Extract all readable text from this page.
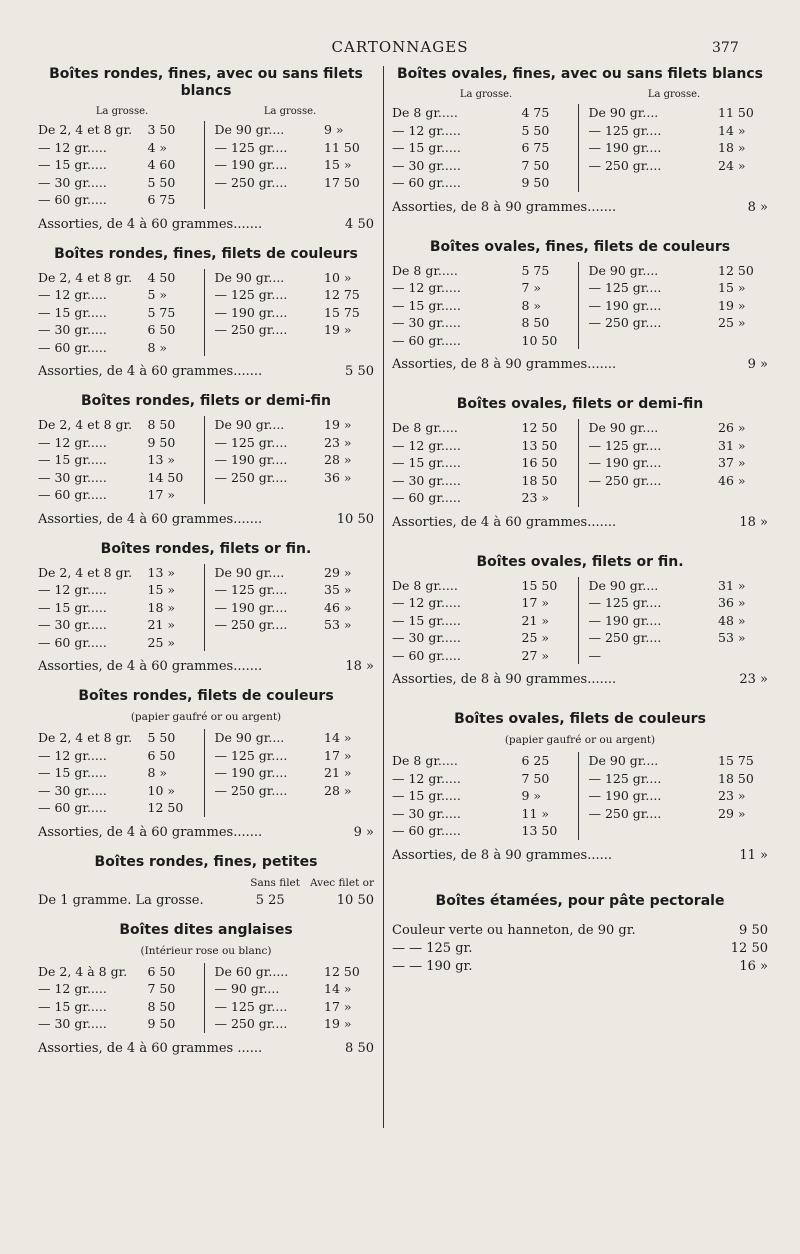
CARTONNAGES	377
Boîtes rondes, fines, avec ou sans filets blancs
La grosse.	La grosse.
De 2, 4 et 8 gr. 3 50
— 12 gr.....	4 »
— 15 gr.....	4 60
— 30 gr.....	5 50
— 60 gr.....	6 75
De 90 gr....	9 »
— 125 gr....	11 50
— 190 gr....	15 »
— 250 gr....	17 50
Assorties, de 4 à 60 grammes.......	4 50
Boîtes rondes, fines, filets de couleurs
De 2, 4 et 8 gr. 4 50
— 12 gr.....	5 »
— 15 gr.....	5 75
— 30 gr.....	6 50
— 60 gr.....	8 »
De 90 gr....	10 »
— 125 gr....	12 75
— 190 gr....	15 75
— 250 gr....	19 »
Assorties, de 4 à 60 grammes.......	5 50
Boîtes rondes, filets or demi-fin
De 2, 4 et 8 gr. 8 50
— 12 gr.....	9 50
— 15 gr.....	13 »
— 30 gr.....	14 50
— 60 gr.....	17 »
De 90 gr....	19 »
— 125 gr....	23 »
— 190 gr....	28 »
— 250 gr....	36 »
Assorties, de 4 à 60 grammes.......	10 50
Boîtes rondes, filets or fin.
De 2, 4 et 8 gr. 13 »
— 12 gr.....	15 »
— 15 gr.....	18 »
— 30 gr.....	21 »
— 60 gr.....	25 »
De 90 gr....	29 »
— 125 gr....	35 »
— 190 gr....	46 »
— 250 gr....	53 »
Assorties, de 4 à 60 grammes.......	18 »
Boîtes rondes, filets de couleurs
(papier gaufré or ou argent)
De 2, 4 et 8 gr. 5 50
— 12 gr.....	6 50
— 15 gr.....	8 »
— 30 gr.....	10 »
— 60 gr.....	12 50
De 90 gr....	14 »
— 125 gr....	17 »
— 190 gr....	21 »
— 250 gr....	28 »
Assorties, de 4 à 60 grammes.......	9 »
Boîtes rondes, fines, petites
Sans filet Avec filet or
De 1 gramme. La grosse.	5 25	10 50
Boîtes dites anglaises
(Intérieur rose ou blanc)
De 2, 4 à 8 gr. 6 50
— 12 gr.....	7 50
— 15 gr.....	8 50
— 30 gr.....	9 50
De 60 gr.....	12 50
— 90 gr....	14 »
— 125 gr....	17 »
— 250 gr....	19 »
Assorties, de 4 à 60 grammes ......	8 50
Boîtes ovales, fines, avec ou sans filets blancs
La grosse.	La grosse.
De 8 gr.....	4 75
— 12 gr.....	5 50
— 15 gr.....	6 75
— 30 gr.....	7 50
— 60 gr.....	9 50
De 90 gr....	11 50
— 125 gr....	14 »
— 190 gr....	18 »
— 250 gr....	24 »
Assorties, de 8 à 90 grammes.......	8 »
Boîtes ovales, fines, filets de couleurs
De 8 gr.....	5 75
— 12 gr.....	7 »
— 15 gr.....	8 »
— 30 gr.....	8 50
— 60 gr.....	10 50
De 90 gr....	12 50
— 125 gr....	15 »
— 190 gr....	19 »
— 250 gr....	25 »
Assorties, de 8 à 90 grammes.......	9 »
Boîtes ovales, filets or demi-fin
De 8 gr.....	12 50
— 12 gr.....	13 50
— 15 gr.....	16 50
— 30 gr.....	18 50
— 60 gr.....	23 »
De 90 gr....	26 »
— 125 gr....	31 »
— 190 gr....	37 »
— 250 gr....	46 »
Assorties, de 4 à 60 grammes.......	18 »
Boîtes ovales, filets or fin.
De 8 gr.....	15 50
— 12 gr.....	17 »
— 15 gr.....	21 »
— 30 gr.....	25 »
— 60 gr.....	27 »
De 90 gr....	31 »
— 125 gr....	36 »
— 190 gr....	48 »
— 250 gr....	53 »
—
Assorties, de 8 à 90 grammes.......	23 »
Boîtes ovales, filets de couleurs
(papier gaufré or ou argent)
De 8 gr.....	6 25
— 12 gr.....	7 50
— 15 gr.....	9 »
— 30 gr.....	11 »
— 60 gr.....	13 50
De 90 gr....	15 75
— 125 gr....	18 50
— 190 gr....	23 »
— 250 gr....	29 »
Assorties, de 8 à 90 grammes......	11 »
Boîtes étamées, pour pâte pectorale
Couleur verte ou hanneton, de 90 gr.	9 50
— — 125 gr.	12 50
— — 190 gr.	16 »
